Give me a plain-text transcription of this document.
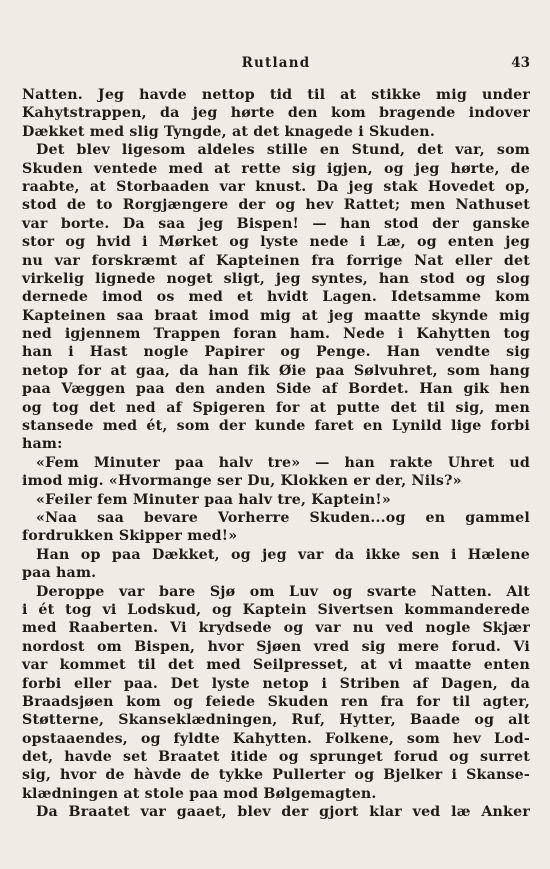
Rutland	43
Natten. Jeg havde nettop tid til at stikke mig under
Kahytstrappen, da jeg hørte den kom bragende indover
Dækket med slig Tyngde, at det knagede i Skuden.
Det blev ligesom aldeles stille en Stund, det var, som
Skuden ventede med at rette sig igjen, og jeg hørte, de
raabte, at Storbaaden var knust. Da jeg stak Hovedet op,
stod de to Rorgjængere der og hev Rattet; men Nathuset
var borte. Da saa jeg Bispen! — han stod der ganske
stor og hvid i Mørket og lyste nede i Læ, og enten jeg
nu var forskræmt af Kapteinen fra forrige Nat eller det
virkelig lignede noget sligt, jeg syntes, han stod og slog
dernede imod os med et hvidt Lagen. Idetsamme kom
Kapteinen saa braat imod mig at jeg maatte skynde mig
ned igjennem Trappen foran ham. Nede i Kahytten tog
han i Hast nogle Papirer og Penge. Han vendte sig
netop for at gaa, da han fik Øie paa Sølvuhret, som hang
paa Væggen paa den anden Side af Bordet. Han gik hen
og tog det ned af Spigeren for at putte det til sig, men
stansede med ét, som der kunde faret en Lynild lige forbi
ham:
«Fem Minuter paa halv tre» — han rakte Uhret ud
imod mig. «Hvormange ser Du, Klokken er der, Nils?»
«Feiler fem Minuter paa halv tre, Kaptein!»
«Naa saa bevare Vorherre Skuden...og en gammel
fordrukken Skipper med!»
Han op paa Dækket, og jeg var da ikke sen i Hælene
paa ham.
Deroppe var bare Sjø om Luv og svarte Natten. Alt
i ét tog vi Lodskud, og Kaptein Sivertsen kommanderede
med Raaberten. Vi krydsede og var nu ved nogle Skjær
nordost om Bispen, hvor Sjøen vred sig mere forud. Vi
var kommet til det med Seilpresset, at vi maatte enten
forbi eller paa. Det lyste netop i Striben af Dagen, da
Braadsjøen kom og feiede Skuden ren fra for til agter,
Støtterne, Skanseklædningen, Ruf, Hytter, Baade og alt
opstaaendes, og fyldte Kahytten. Folkene, som hev Lod-
det, havde set Braatet itide og sprunget forud og surret
sig, hvor de hàvde de tykke Pullerter og Bjelker i Skanse-
klædningen at stole paa mod Bølgemagten.
Da Braatet var gaaet, blev der gjort klar ved læ Anker
